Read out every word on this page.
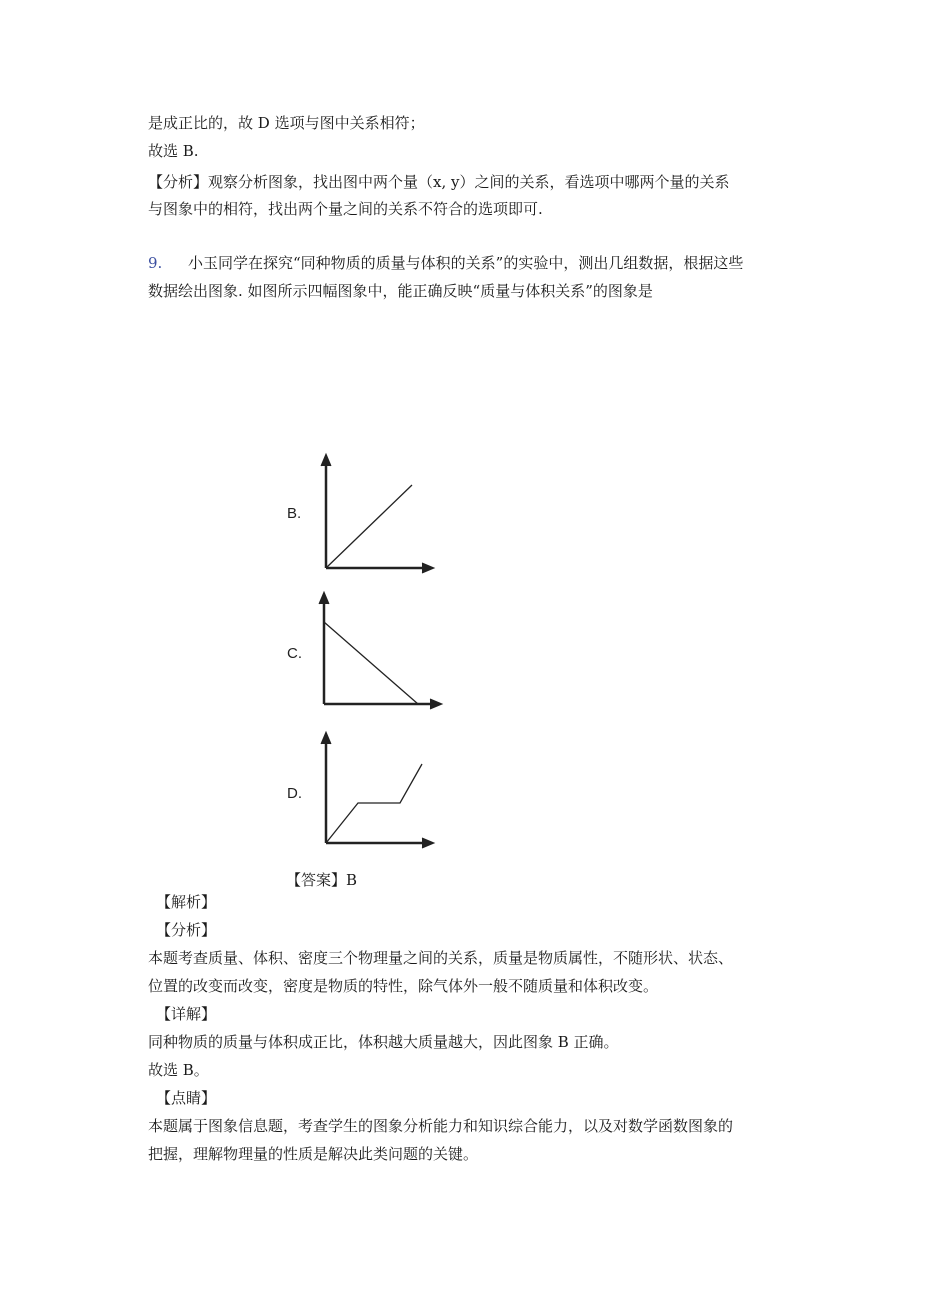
是成正比的，故 D 选项与图中关系相符；
故选 B.
【分析】观察分析图象，找出图中两个量（x, y）之间的关系，看选项中哪两个量的关系
与图象中的相符，找出两个量之间的关系不符合的选项即可.
9. 小玉同学在探究“同种物质的质量与体积的关系”的实验中，测出几组数据，根据这些
数据绘出图象. 如图所示四幅图象中，能正确反映“质量与体积关系”的图象是
B.
C.
D.
【答案】B
【解析】
【分析】
本题考查质量、体积、密度三个物理量之间的关系，质量是物质属性，不随形状、状态、
位置的改变而改变，密度是物质的特性，除气体外一般不随质量和体积改变。
【详解】
同种物质的质量与体积成正比，体积越大质量越大，因此图象 B 正确。
故选 B。
【点睛】
本题属于图象信息题，考查学生的图象分析能力和知识综合能力，以及对数学函数图象的
把握，理解物理量的性质是解决此类问题的关键。
